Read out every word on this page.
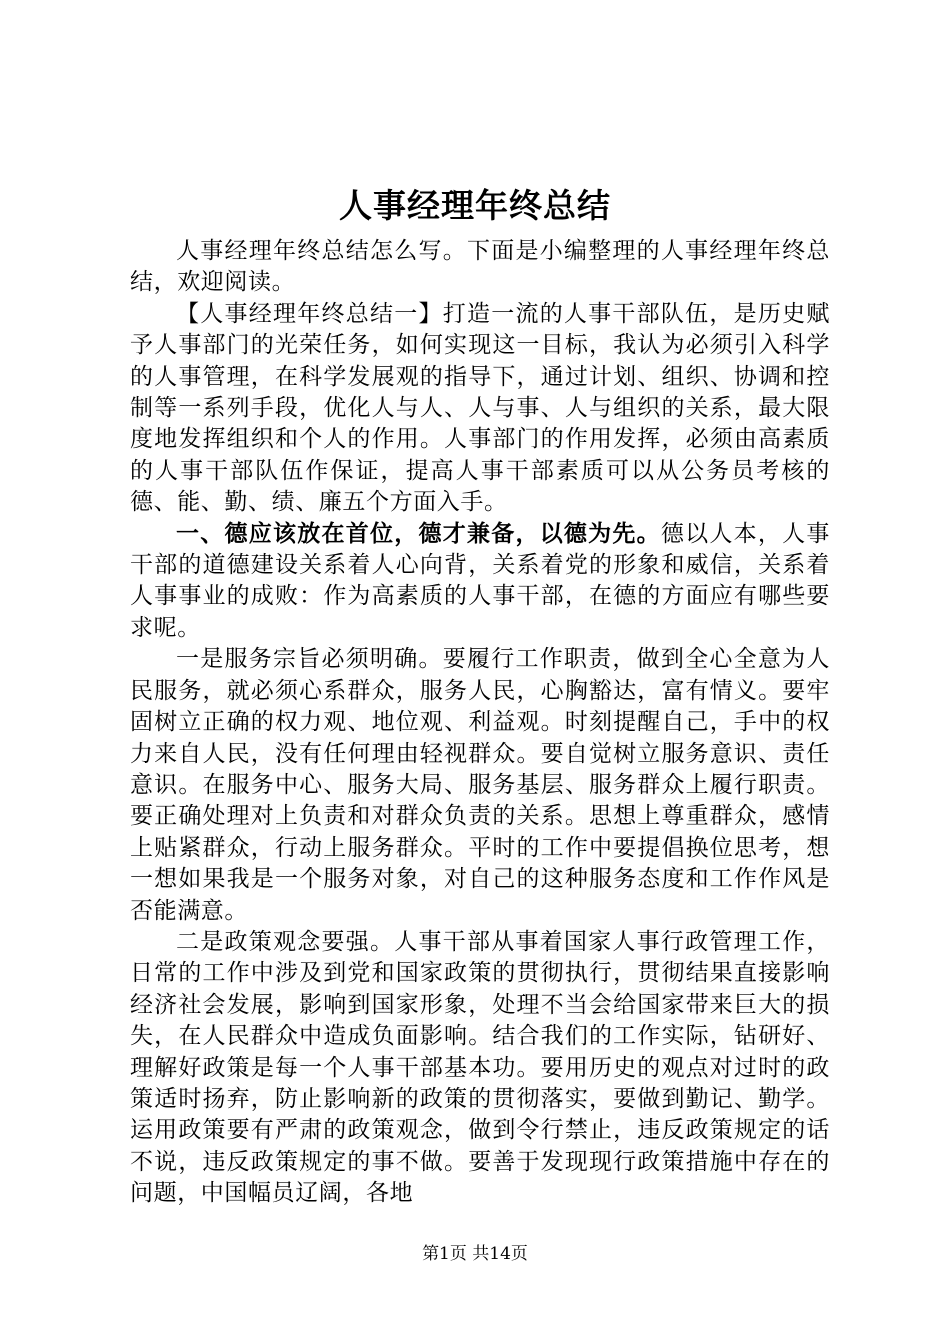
人事经理年终总结

人事经理年终总结怎么写。下面是小编整理的人事经理年终总结，欢迎阅读。

【人事经理年终总结一】打造一流的人事干部队伍，是历史赋予人事部门的光荣任务，如何实现这一目标，我认为必须引入科学的人事管理，在科学发展观的指导下，通过计划、组织、协调和控制等一系列手段，优化人与人、人与事、人与组织的关系，最大限度地发挥组织和个人的作用。人事部门的作用发挥，必须由高素质的人事干部队伍作保证，提高人事干部素质可以从公务员考核的德、能、勤、绩、廉五个方面入手。

一、德应该放在首位，德才兼备，以德为先。德以人本，人事干部的道德建设关系着人心向背，关系着党的形象和威信，关系着人事事业的成败：作为高素质的人事干部，在德的方面应有哪些要求呢。

一是服务宗旨必须明确。要履行工作职责，做到全心全意为人民服务，就必须心系群众，服务人民，心胸豁达，富有情义。要牢固树立正确的权力观、地位观、利益观。时刻提醒自己，手中的权力来自人民，没有任何理由轻视群众。要自觉树立服务意识、责任意识。在服务中心、服务大局、服务基层、服务群众上履行职责。要正确处理对上负责和对群众负责的关系。思想上尊重群众，感情上贴紧群众，行动上服务群众。平时的工作中要提倡换位思考，想一想如果我是一个服务对象，对自己的这种服务态度和工作作风是否能满意。

二是政策观念要强。人事干部从事着国家人事行政管理工作，日常的工作中涉及到党和国家政策的贯彻执行，贯彻结果直接影响经济社会发展，影响到国家形象，处理不当会给国家带来巨大的损失，在人民群众中造成负面影响。结合我们的工作实际，钻研好、理解好政策是每一个人事干部基本功。要用历史的观点对过时的政策适时扬弃，防止影响新的政策的贯彻落实，要做到勤记、勤学。运用政策要有严肃的政策观念，做到令行禁止，违反政策规定的话不说，违反政策规定的事不做。要善于发现现行政策措施中存在的问题，中国幅员辽阔，各地

第1页 共14页
